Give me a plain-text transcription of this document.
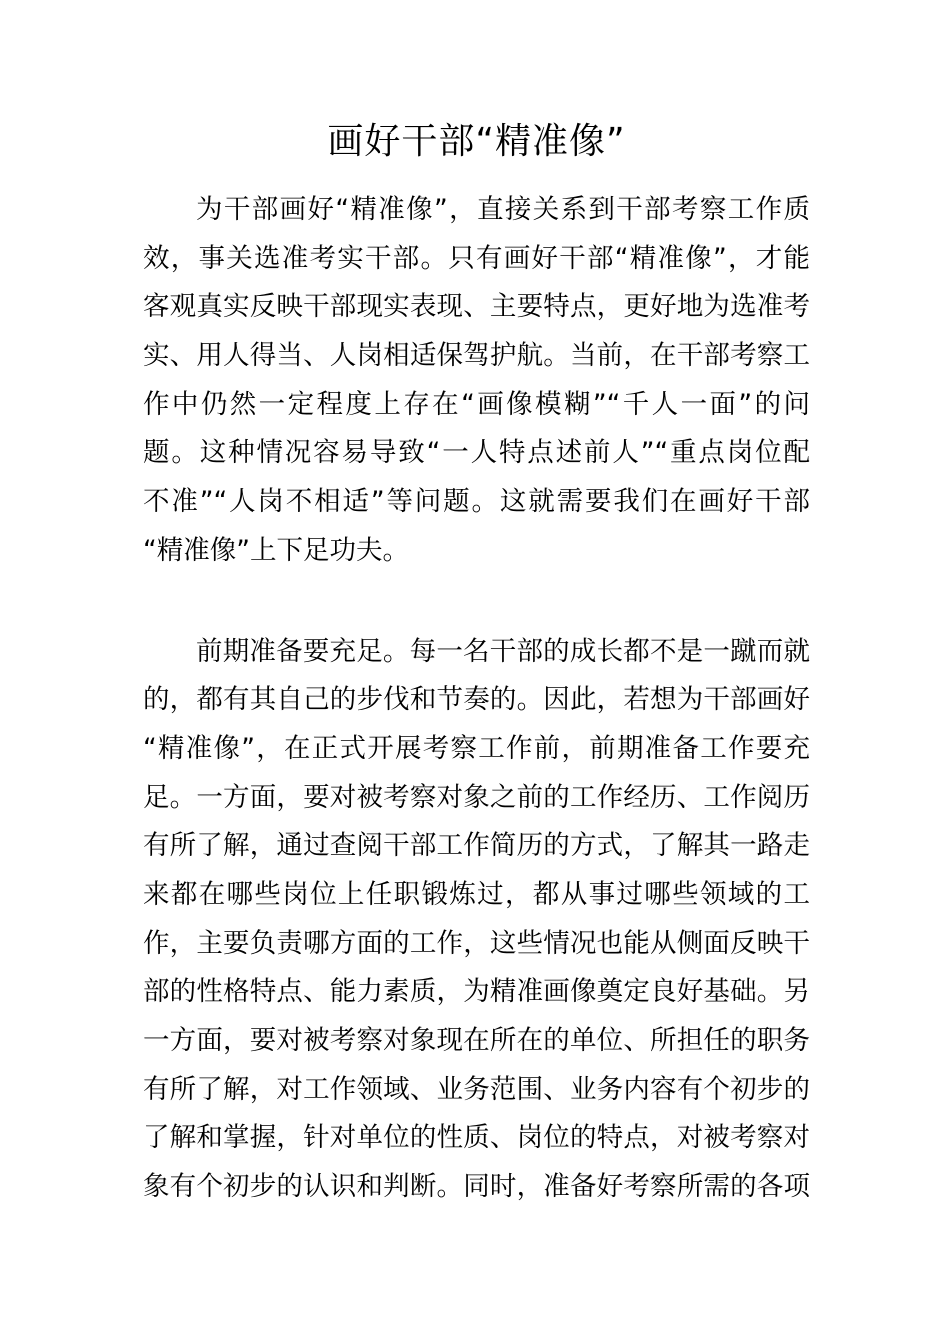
画好干部“精准像”
为干部画好“精准像”，直接关系到干部考察工作质
效，事关选准考实干部。只有画好干部“精准像”，才能
客观真实反映干部现实表现、主要特点，更好地为选准考
实、用人得当、人岗相适保驾护航。当前，在干部考察工
作中仍然一定程度上存在“画像模糊”“千人一面”的问
题。这种情况容易导致“一人特点述前人”“重点岗位配
不准”“人岗不相适”等问题。这就需要我们在画好干部
“精准像”上下足功夫。
前期准备要充足。每一名干部的成长都不是一蹴而就
的，都有其自己的步伐和节奏的。因此，若想为干部画好
“精准像”，在正式开展考察工作前，前期准备工作要充
足。一方面，要对被考察对象之前的工作经历、工作阅历
有所了解，通过查阅干部工作简历的方式，了解其一路走
来都在哪些岗位上任职锻炼过，都从事过哪些领域的工
作，主要负责哪方面的工作，这些情况也能从侧面反映干
部的性格特点、能力素质，为精准画像奠定良好基础。另
一方面，要对被考察对象现在所在的单位、所担任的职务
有所了解，对工作领域、业务范围、业务内容有个初步的
了解和掌握，针对单位的性质、岗位的特点，对被考察对
象有个初步的认识和判断。同时，准备好考察所需的各项
